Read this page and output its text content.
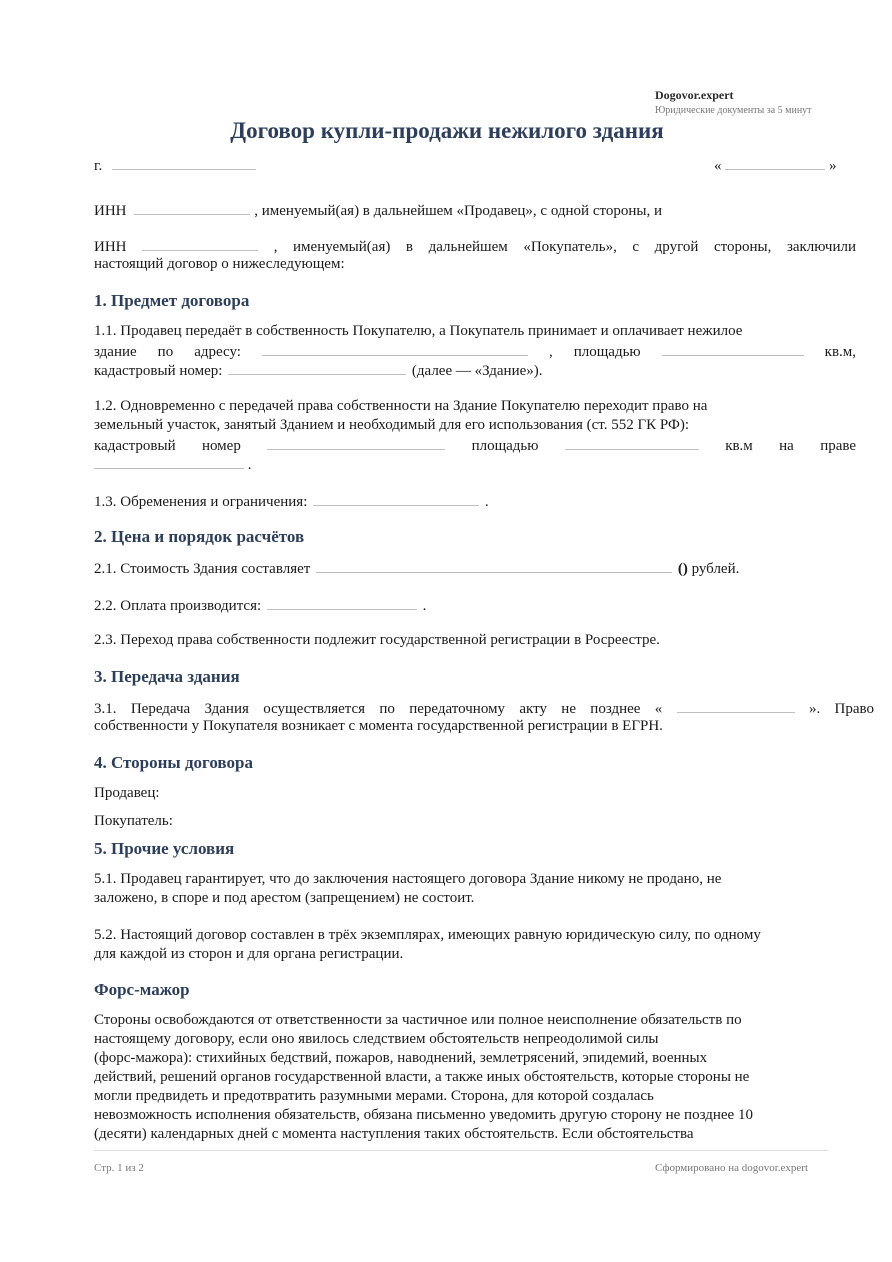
Dogovor.expert
Юридические документы за 5 минут
Договор купли-продажи нежилого здания
г.	«	»
ИНН	, именуемый(ая) в дальнейшем «Продавец», с одной стороны, и
ИНН	, именуемый(ая) в дальнейшем «Покупатель», с другой стороны, заключили
настоящий договор о нижеследующем:
1. Предмет договора
1.1. Продавец передаёт в собственность Покупателю, а Покупатель принимает и оплачивает нежилое
здание по адресу:	, площадью	кв.м,
кадастровый номер:	(далее — «Здание»).
1.2. Одновременно с передачей права собственности на Здание Покупателю переходит право на
земельный участок, занятый Зданием и необходимый для его использования (ст. 552 ГК РФ):
кадастровый номер	площадью	кв.м на праве
.
1.3. Обременения и ограничения:	.
2. Цена и порядок расчётов
2.1. Стоимость Здания составляет	() рублей.
2.2. Оплата производится:	.
2.3. Переход права собственности подлежит государственной регистрации в Росреестре.
3. Передача здания
3.1. Передача Здания осуществляется по передаточному акту не позднее «	». Право
собственности у Покупателя возникает с момента государственной регистрации в ЕГРН.
4. Стороны договора
Продавец:
Покупатель:
5. Прочие условия
5.1. Продавец гарантирует, что до заключения настоящего договора Здание никому не продано, не
заложено, в споре и под арестом (запрещением) не состоит.
5.2. Настоящий договор составлен в трёх экземплярах, имеющих равную юридическую силу, по одному
для каждой из сторон и для органа регистрации.
Форс-мажор
Стороны освобождаются от ответственности за частичное или полное неисполнение обязательств по
настоящему договору, если оно явилось следствием обстоятельств непреодолимой силы
(форс-мажора): стихийных бедствий, пожаров, наводнений, землетрясений, эпидемий, военных
действий, решений органов государственной власти, а также иных обстоятельств, которые стороны не
могли предвидеть и предотвратить разумными мерами. Сторона, для которой создалась
невозможность исполнения обязательств, обязана письменно уведомить другую сторону не позднее 10
(десяти) календарных дней с момента наступления таких обстоятельств. Если обстоятельства
Стр. 1 из 2	Сформировано на dogovor.expert
